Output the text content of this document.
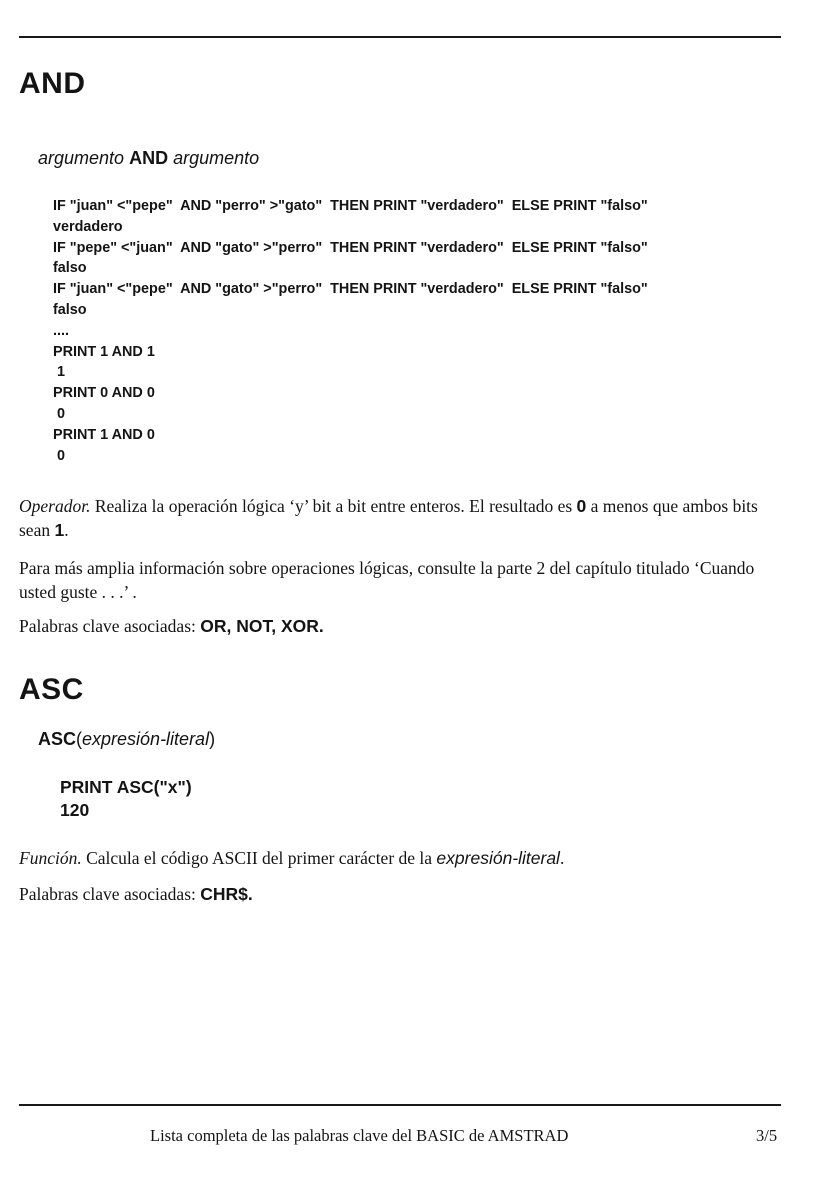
AND
argumento AND argumento
IF "juan" <"pepe"  AND "perro" >"gato"  THEN PRINT "verdadero"  ELSE PRINT "falso"
verdadero
IF "pepe" <"juan"  AND "gato" >"perro"  THEN PRINT "verdadero"  ELSE PRINT "falso"
falso
IF "juan" <"pepe"  AND "gato" >"perro"  THEN PRINT "verdadero"  ELSE PRINT "falso"
falso
....
PRINT 1 AND 1
1
PRINT 0 AND 0
0
PRINT 1 AND 0
0
Operador. Realiza la operación lógica ‘y’ bit a bit entre enteros. El resultado es 0 a menos que ambos bits sean 1.
Para más amplia información sobre operaciones lógicas, consulte la parte 2 del capítulo titulado ‘Cuando usted guste . . .’ .
Palabras clave asociadas: OR, NOT, XOR.
ASC
ASC(expresión-literal)
PRINT ASC("x")
120
Función. Calcula el código ASCII del primer carácter de la expresión-literal.
Palabras clave asociadas: CHR$.
Lista completa de las palabras clave del BASIC de AMSTRAD	3/5
